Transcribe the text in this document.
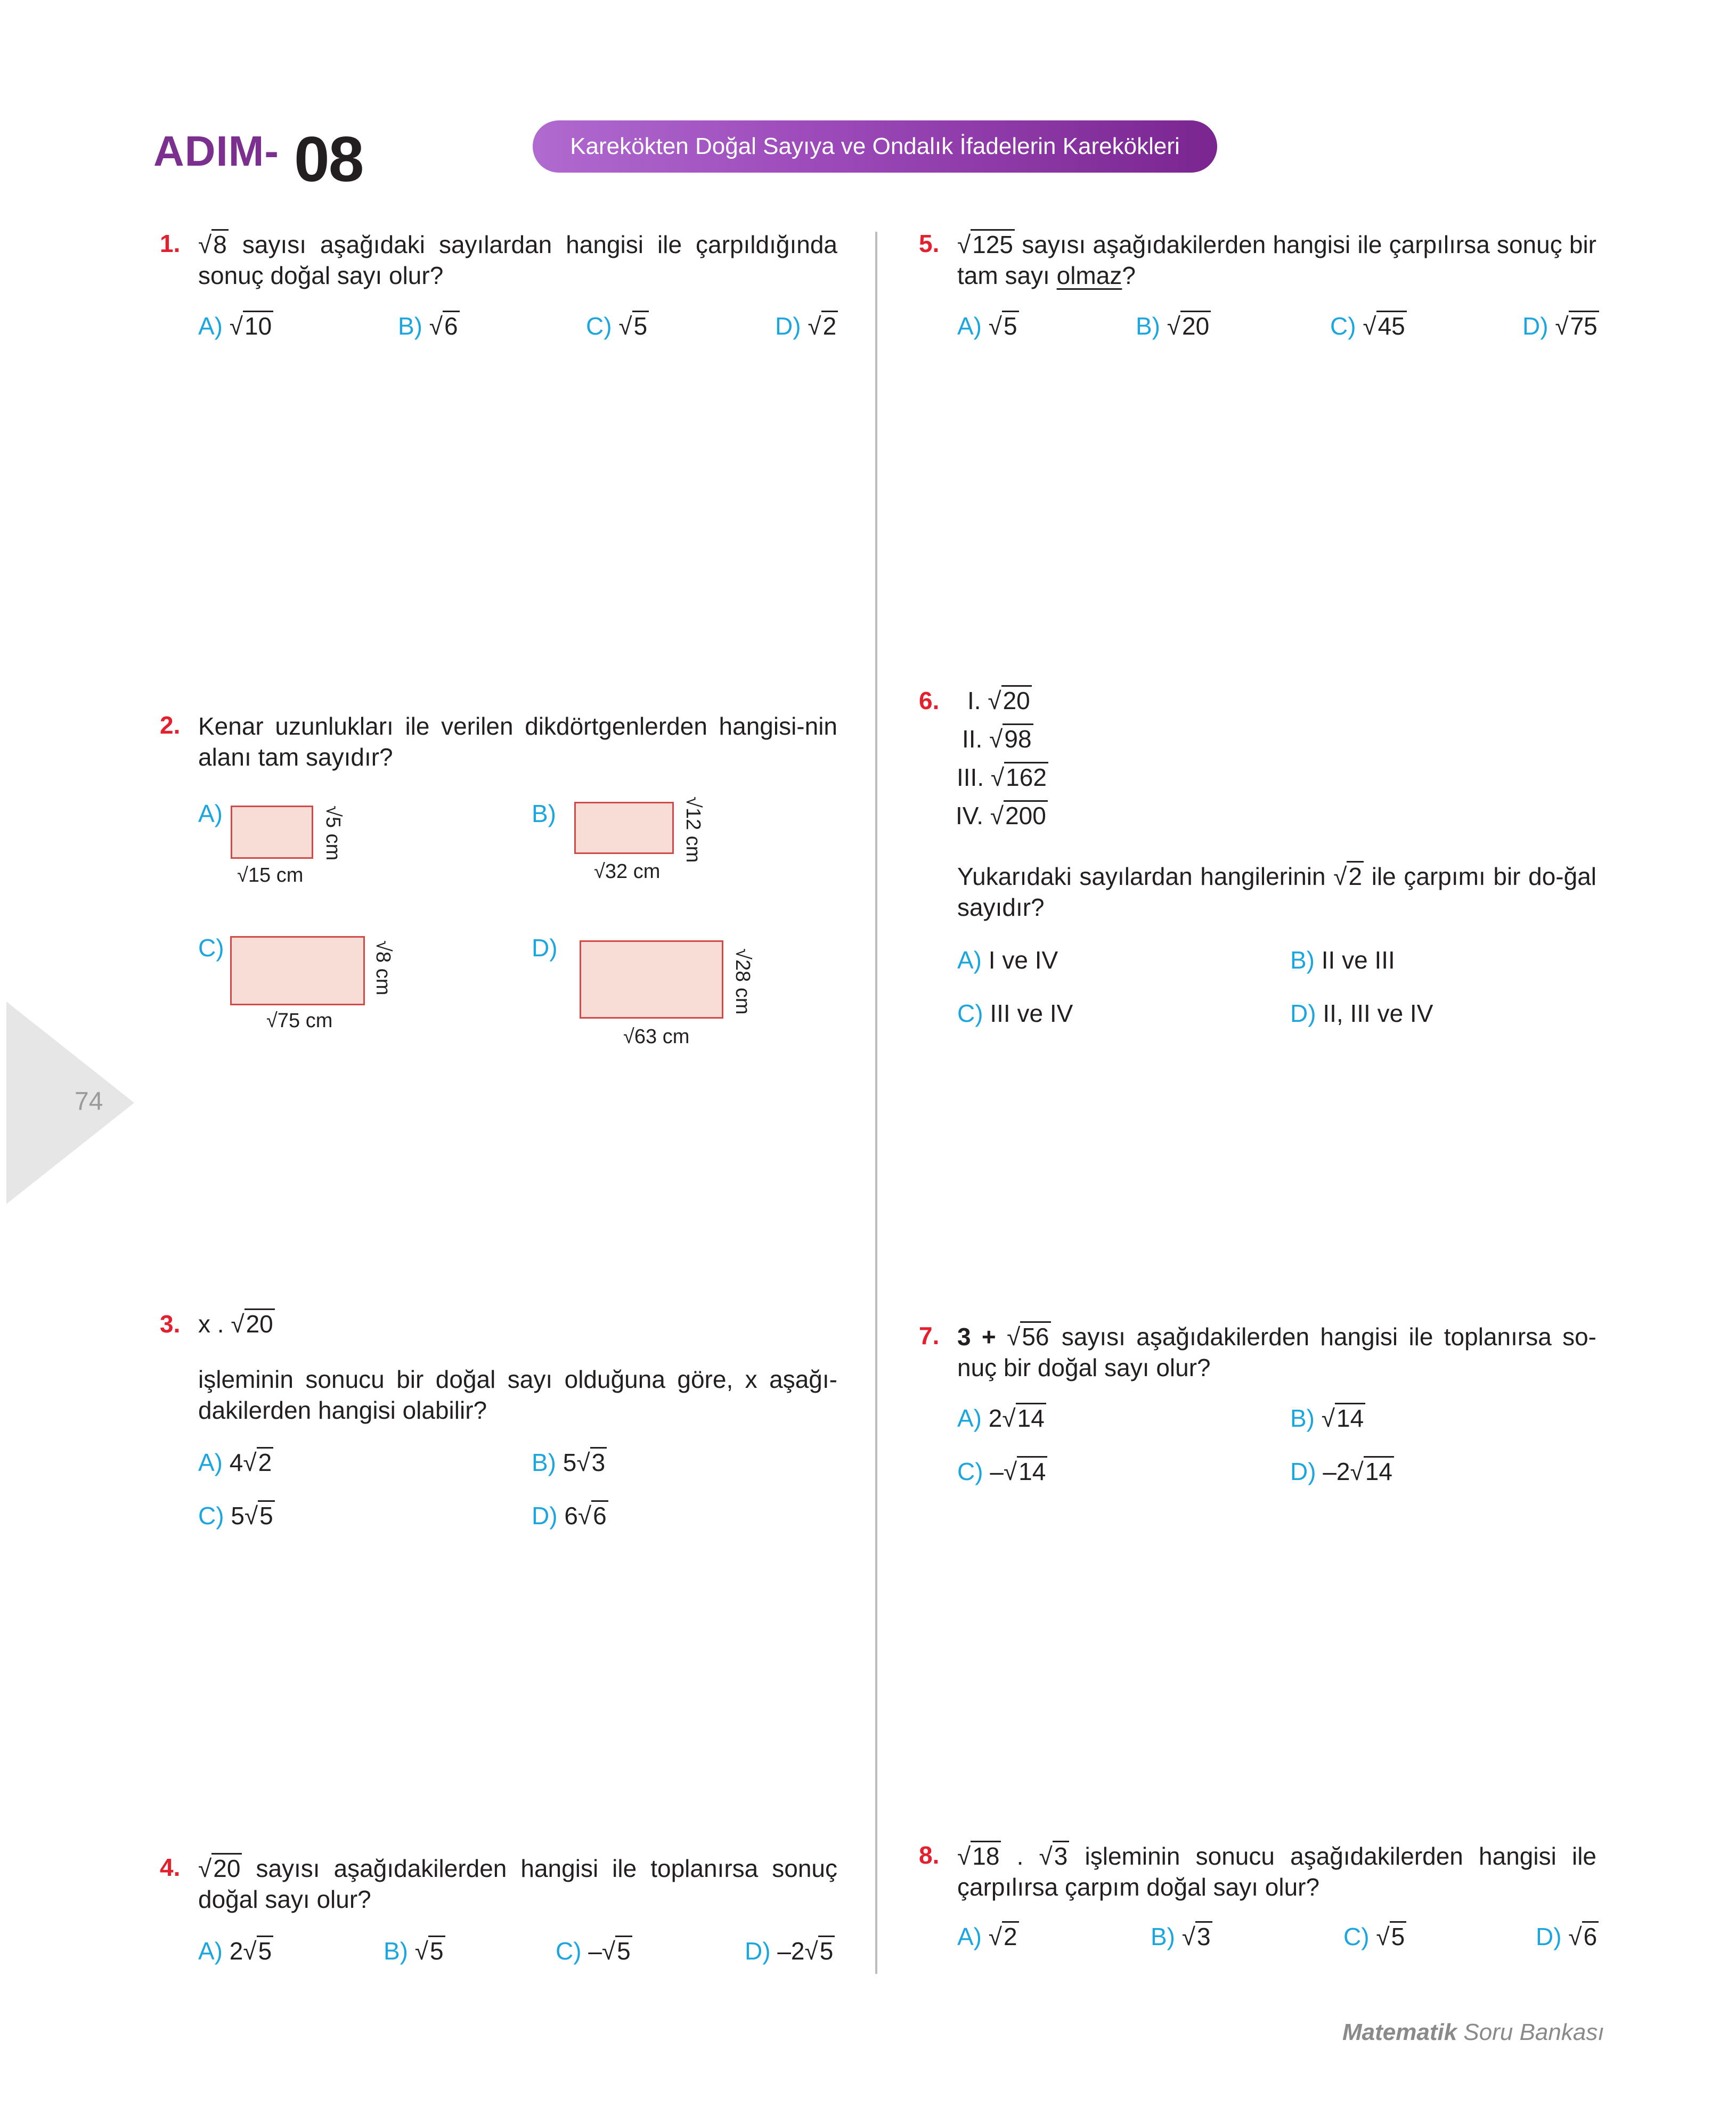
ADIM- 08	Karekökten Doğal Sayıya ve Ondalık İfadelerin Karekökleri
74
1. √	8 sayısı aşağıdaki sayılardan hangisi ile çarpıldığında sonuç doğal sayı olur?
A) √ 10	B) √ 6	C) √ 5	D) √ 2
2. Kenar uzunlukları ile verilen dikdörtgenlerden hangisi-nin alanı tam sayıdır?
A)
√ 15 cm
√ 5 cm
B)
√ 32 cm
√ 12 cm
C)
√ 75 cm
√ 8 cm
D)
√ 63 cm
√ 28 cm
3. x . √ 20
işleminin sonucu bir doğal sayı olduğuna göre, x aşağı-dakilerden hangisi olabilir?
A) 4 √ 2	B) 5 √ 3
C) 5 √ 5	D) 6 √ 6
4. √	20 sayısı aşağıdakilerden hangisi ile toplanırsa sonuç doğal sayı olur?
A) 2 √ 5	B) √ 5	C) – √ 5	D) –2 √ 5
5. √	125 sayısı aşağıdakilerden hangisi ile çarpılırsa sonuç bir tam sayı olmaz?
A) √ 5	B) √ 20	C) √ 45	D) √ 75
6. I. √ 20
II. √ 98
III. √ 162
IV. √ 200
Yukarıdaki sayılardan hangilerinin √ 2 ile çarpımı bir do-ğal sayıdır?
A) I ve IV	B) II ve III
C) III ve IV	D) II, III ve IV
7. 3 + √ 56 sayısı aşağıdakilerden hangisi ile toplanırsa so-nuç bir doğal sayı olur?
A) 2 √ 14	B) √ 14
C) – √ 14	D) –2 √ 14
8. √	18 . √ 3 işleminin sonucu aşağıdakilerden hangisi ile çarpılırsa çarpım doğal sayı olur?
A) √ 2	B) √ 3	C) √ 5	D) √ 6
Matematik Soru Bankası
